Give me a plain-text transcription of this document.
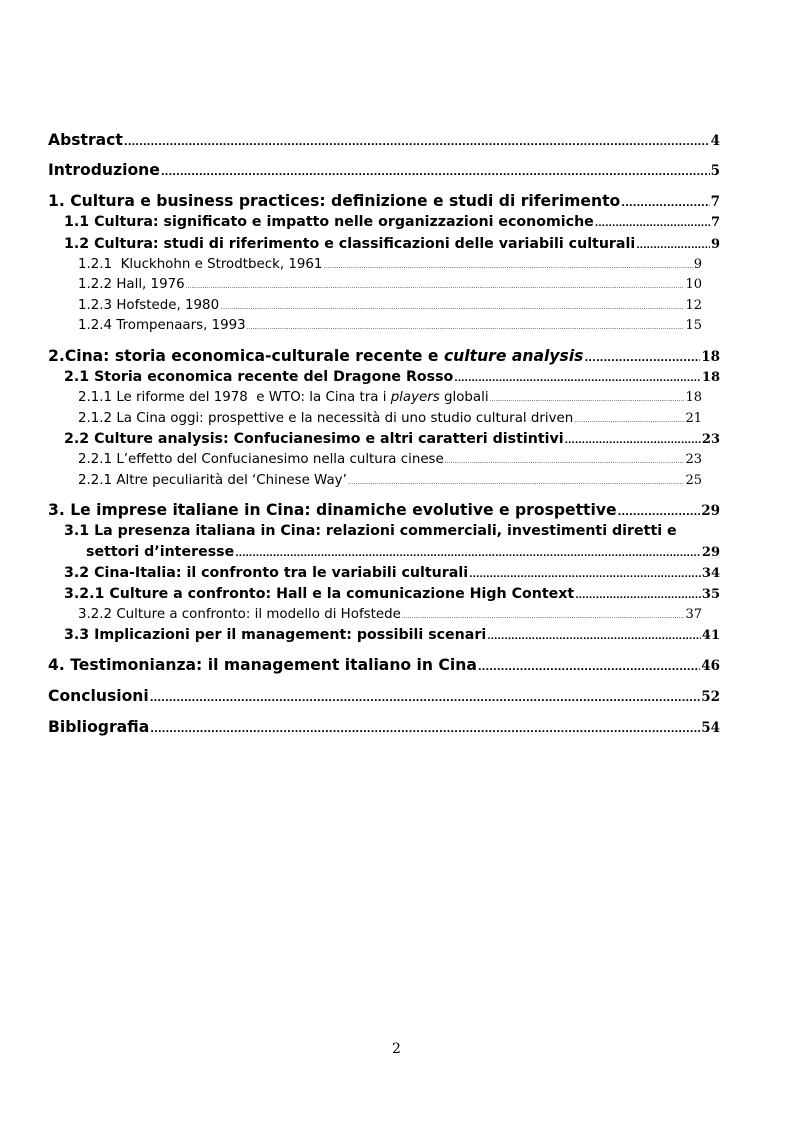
Abstract .....	4
Introduzione .....	5
1. Cultura e business practices: definizione e studi di riferimento .....	7
1.1 Cultura: significato e impatto nelle organizzazioni economiche .....	7
1.2 Cultura: studi di riferimento e classificazioni delle variabili culturali .....	9
1.2.1  Kluckhohn e Strodtbeck, 1961 .....	9
1.2.2 Hall, 1976 .....	10
1.2.3 Hofstede, 1980 .....	12
1.2.4 Trompenaars, 1993 .....	15
2.Cina: storia economica-culturale recente e culture analysis .....	18
2.1 Storia economica recente del Dragone Rosso .....	18
2.1.1 Le riforme del 1978  e WTO: la Cina tra i players globali .....	18
2.1.2 La Cina oggi: prospettive e la necessità di uno studio cultural driven .....	21
2.2 Culture analysis: Confucianesimo e altri caratteri distintivi .....	23
2.2.1 L’effetto del Confucianesimo nella cultura cinese .....	23
2.2.1 Altre peculiarità del ‘Chinese Way’ .....	25
3. Le imprese italiane in Cina: dinamiche evolutive e prospettive .....	29
3.1 La presenza italiana in Cina: relazioni commerciali, investimenti diretti e
settori d’interesse .....	29
3.2 Cina-Italia: il confronto tra le variabili culturali .....	34
3.2.1 Culture a confronto: Hall e la comunicazione High Context .....	35
3.2.2 Culture a confronto: il modello di Hofstede .....	37
3.3 Implicazioni per il management: possibili scenari .....	41
4. Testimonianza: il management italiano in Cina .....	46
Conclusioni .....	52
Bibliografia .....	54
2
